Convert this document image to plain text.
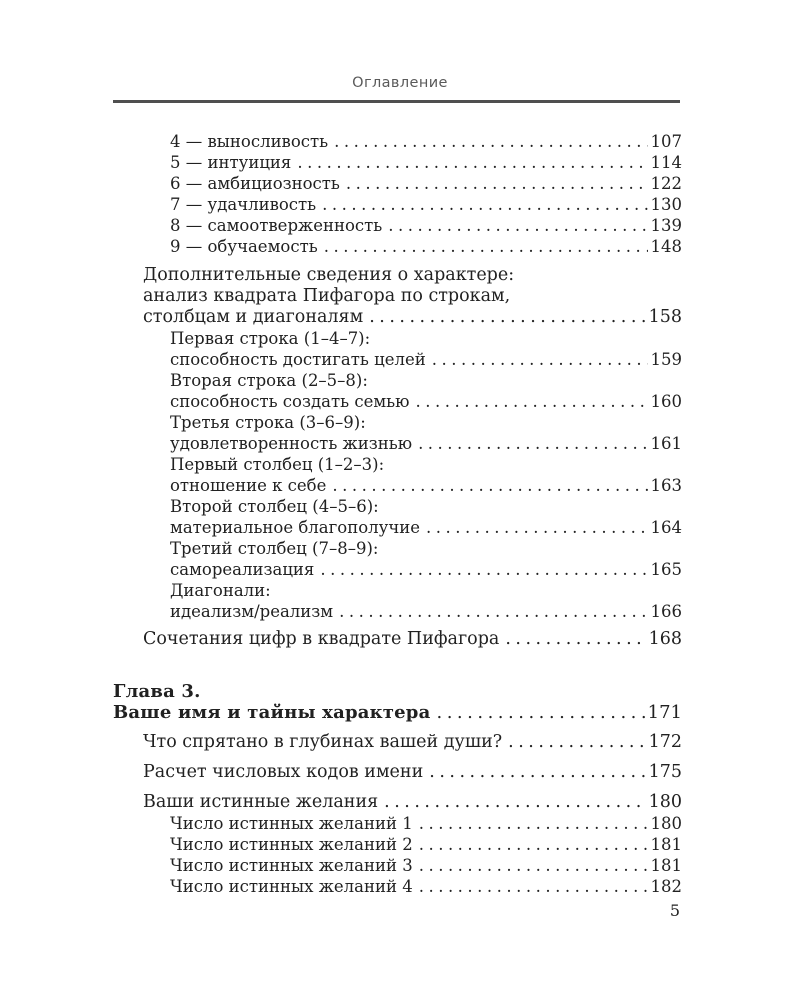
Оглавление
4 — выносливость .....	107
5 — интуиция .....	114
6 — амбициозность .....	122
7 — удачливость .....	130
8 — самоотверженность .....	139
9 — обучаемость .....	148
Дополнительные сведения о характере:
анализ квадрата Пифагора по строкам,
столбцам и диагоналям .....	158
Первая строка (1–4–7):
способность достигать целей .....	159
Вторая строка (2–5–8):
способность создать семью .....	160
Третья строка (3–6–9):
удовлетворенность жизнью .....	161
Первый столбец (1–2–3):
отношение к себе .....	163
Второй столбец (4–5–6):
материальное благополучие .....	164
Третий столбец (7–8–9):
самореализация .....	165
Диагонали:
идеализм/реализм .....	166
Сочетания цифр в квадрате Пифагора .....	168
Глава 3.
Ваше имя и тайны характера .....	171
Что спрятано в глубинах вашей души? .....	172
Расчет числовых кодов имени .....	175
Ваши истинные желания .....	180
Число истинных желаний 1 .....	180
Число истинных желаний 2 .....	181
Число истинных желаний 3 .....	181
Число истинных желаний 4 .....	182
5
